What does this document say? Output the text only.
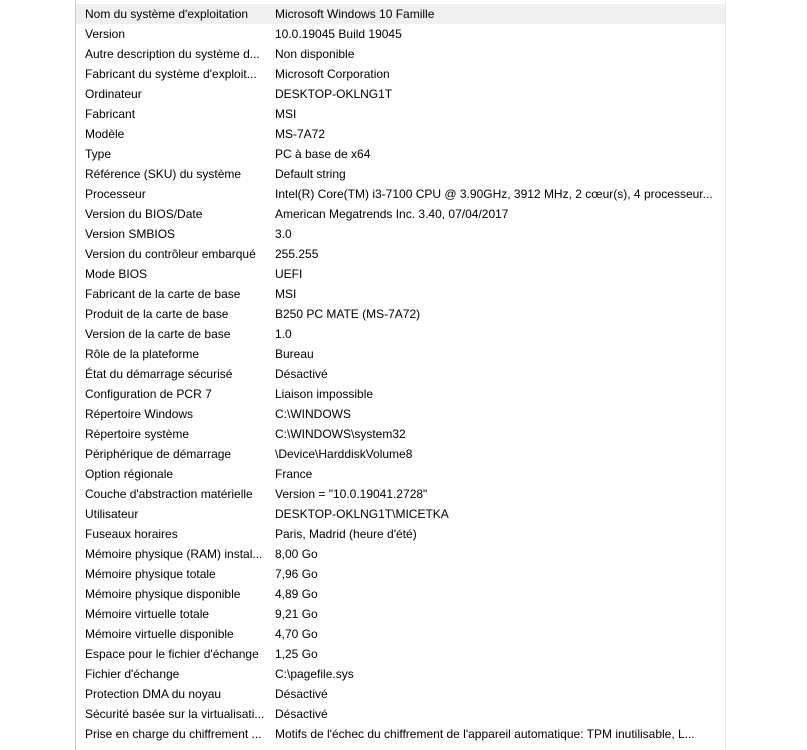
Nom du système d'exploitation	Microsoft Windows 10 Famille
Version	10.0.19045 Build 19045
Autre description du système d...	Non disponible
Fabricant du système d'exploit...	Microsoft Corporation
Ordinateur	DESKTOP-OKLNG1T
Fabricant	MSI
Modèle	MS-7A72
Type	PC à base de x64
Référence (SKU) du système	Default string
Processeur	Intel(R) Core(TM) i3-7100 CPU @ 3.90GHz, 3912 MHz, 2 cœur(s), 4 processeur...
Version du BIOS/Date	American Megatrends Inc. 3.40, 07/04/2017
Version SMBIOS	3.0
Version du contrôleur embarqué	255.255
Mode BIOS	UEFI
Fabricant de la carte de base	MSI
Produit de la carte de base	B250 PC MATE (MS-7A72)
Version de la carte de base	1.0
Rôle de la plateforme	Bureau
État du démarrage sécurisé	Désactivé
Configuration de PCR 7	Liaison impossible
Répertoire Windows	C:\WINDOWS
Répertoire système	C:\WINDOWS\system32
Périphérique de démarrage	\Device\HarddiskVolume8
Option régionale	France
Couche d'abstraction matérielle	Version = "10.0.19041.2728"
Utilisateur	DESKTOP-OKLNG1T\MICETKA
Fuseaux horaires	Paris, Madrid (heure d'été)
Mémoire physique (RAM) instal...	8,00 Go
Mémoire physique totale	7,96 Go
Mémoire physique disponible	4,89 Go
Mémoire virtuelle totale	9,21 Go
Mémoire virtuelle disponible	4,70 Go
Espace pour le fichier d'échange	1,25 Go
Fichier d'échange	C:\pagefile.sys
Protection DMA du noyau	Désactivé
Sécurité basée sur la virtualisati... Désactivé
Prise en charge du chiffrement ...	Motifs de l'échec du chiffrement de l'appareil automatique: TPM inutilisable, L...
